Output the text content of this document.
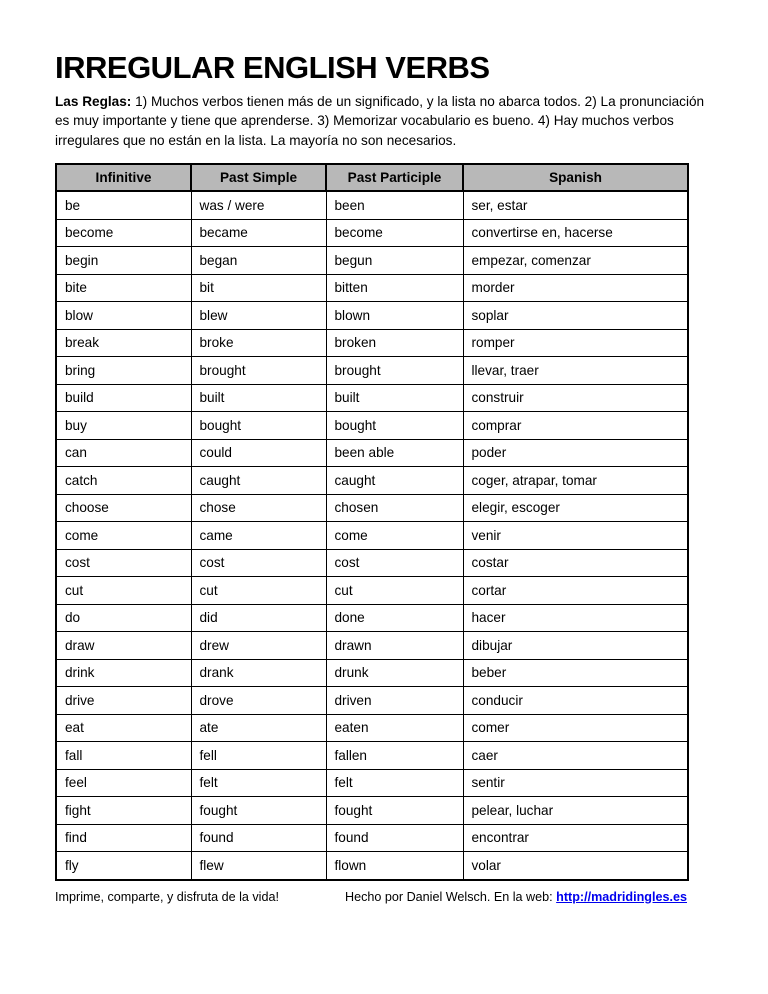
IRREGULAR ENGLISH VERBS

Las Reglas: 1) Muchos verbos tienen más de un significado, y la lista no abarca todos. 2) La pronunciación es muy importante y tiene que aprenderse. 3) Memorizar vocabulario es bueno. 4) Hay muchos verbos irregulares que no están en la lista. La mayoría no son necesarios.

Infinitive	Past Simple	Past Participle	Spanish
be	was / were	been	ser, estar
become	became	become	convertirse en, hacerse
begin	began	begun	empezar, comenzar
bite	bit	bitten	morder
blow	blew	blown	soplar
break	broke	broken	romper
bring	brought	brought	llevar, traer
build	built	built	construir
buy	bought	bought	comprar
can	could	been able	poder
catch	caught	caught	coger, atrapar, tomar
choose	chose	chosen	elegir, escoger
come	came	come	venir
cost	cost	cost	costar
cut	cut	cut	cortar
do	did	done	hacer
draw	drew	drawn	dibujar
drink	drank	drunk	beber
drive	drove	driven	conducir
eat	ate	eaten	comer
fall	fell	fallen	caer
feel	felt	felt	sentir
fight	fought	fought	pelear, luchar
find	found	found	encontrar
fly	flew	flown	volar
Imprime, comparte, y disfruta de la vida!	Hecho por Daniel Welsch. En la web: http://madridingles.es
